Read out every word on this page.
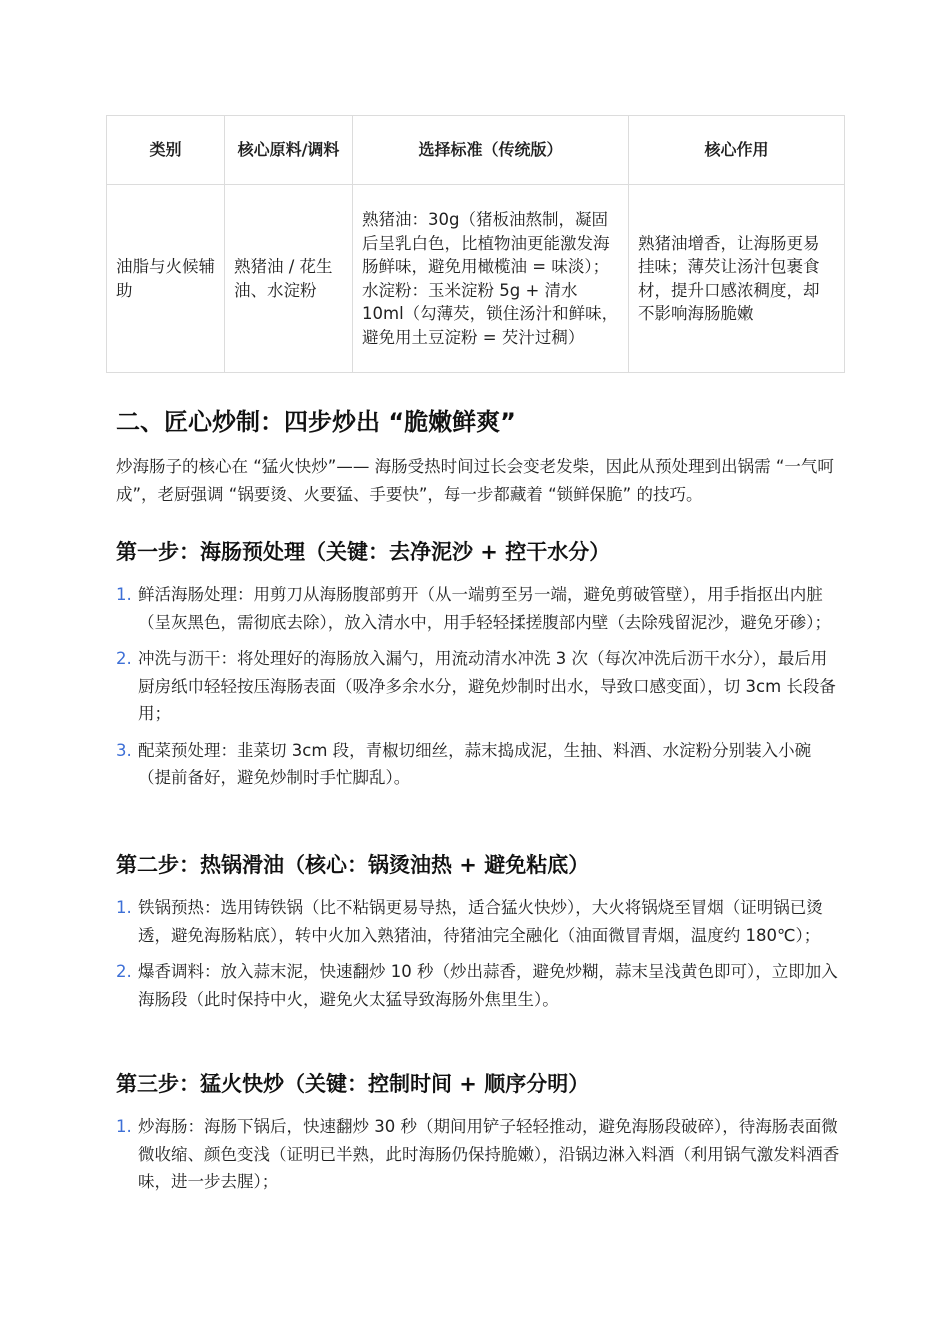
类别	核心原料/调料	选择标准（传统版）	核心作用
油脂与火候辅助	熟猪油 / 花生油、水淀粉	熟猪油：30g（猪板油熬制，凝固后呈乳白色，比植物油更能激发海肠鲜味，避免用橄榄油 = 味淡）；水淀粉：玉米淀粉 5g + 清水 10ml（勾薄芡，锁住汤汁和鲜味，避免用土豆淀粉 = 芡汁过稠）	熟猪油增香，让海肠更易挂味；薄芡让汤汁包裹食材，提升口感浓稠度，却不影响海肠脆嫩
二、匠心炒制：四步炒出 “脆嫩鲜爽”

炒海肠子的核心在 “猛火快炒”—— 海肠受热时间过长会变老发柴，因此从预处理到出锅需 “一气呵成”，老厨强调 “锅要烫、火要猛、手要快”，每一步都藏着 “锁鲜保脆” 的技巧。

第一步：海肠预处理（关键：去净泥沙 + 控干水分）
1. 鲜活海肠处理：用剪刀从海肠腹部剪开（从一端剪至另一端，避免剪破管壁），用手指抠出内脏（呈灰黑色，需彻底去除），放入清水中，用手轻轻揉搓腹部内壁（去除残留泥沙，避免牙碜）；
2. 冲洗与沥干：将处理好的海肠放入漏勺，用流动清水冲洗 3 次（每次冲洗后沥干水分），最后用厨房纸巾轻轻按压海肠表面（吸净多余水分，避免炒制时出水，导致口感变面），切 3cm 长段备用；
3. 配菜预处理：韭菜切 3cm 段，青椒切细丝，蒜末捣成泥，生抽、料酒、水淀粉分别装入小碗（提前备好，避免炒制时手忙脚乱）。
第二步：热锅滑油（核心：锅烫油热 + 避免粘底）
1. 铁锅预热：选用铸铁锅（比不粘锅更易导热，适合猛火快炒），大火将锅烧至冒烟（证明锅已烫透，避免海肠粘底），转中火加入熟猪油，待猪油完全融化（油面微冒青烟，温度约 180℃）；
2. 爆香调料：放入蒜末泥，快速翻炒 10 秒（炒出蒜香，避免炒糊，蒜末呈浅黄色即可），立即加入海肠段（此时保持中火，避免火太猛导致海肠外焦里生）。
第三步：猛火快炒（关键：控制时间 + 顺序分明）
1. 炒海肠：海肠下锅后，快速翻炒 30 秒（期间用铲子轻轻推动，避免海肠段破碎），待海肠表面微微收缩、颜色变浅（证明已半熟，此时海肠仍保持脆嫩），沿锅边淋入料酒（利用锅气激发料酒香味，进一步去腥）；
